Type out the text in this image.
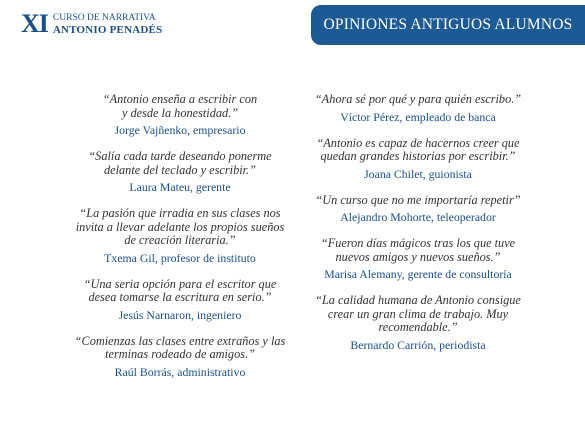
XI CURSO DE NARRATIVA
ANTONIO PENADÉS	OPINIONES ANTIGUOS ALUMNOS
“Antonio enseña a escribir con
y desde la honestidad.”
Jorge Vajñenko, empresario
“Salía cada tarde deseando ponerme
delante del teclado y escribir.”
Laura Mateu, gerente
“La pasión que irradia en sus clases nos
invita a llevar adelante los propios sueños
de creación literaria.”
Txema Gil, profesor de instituto
“Una seria opción para el escritor que
desea tomarse la escritura en serio.”
Jesús Narnaron, ingeniero
“Comienzas las clases entre extraños y las
terminas rodeado de amigos.”
Raúl Borrás, administrativo
“Ahora sé por qué y para quién escribo.”
Víctor Pérez, empleado de banca
“Antonio es capaz de hacernos creer que
quedan grandes historias por escribir.”
Joana Chilet, guionista
“Un curso que no me importaría repetir”
Alejandro Mohorte, teleoperador
“Fueron días mágicos tras los que tuve
nuevos amigos y nuevos sueños.”
Marisa Alemany, gerente de consultoría
“La calidad humana de Antonio consigue
crear un gran clima de trabajo. Muy
recomendable.”
Bernardo Carrión, periodista
